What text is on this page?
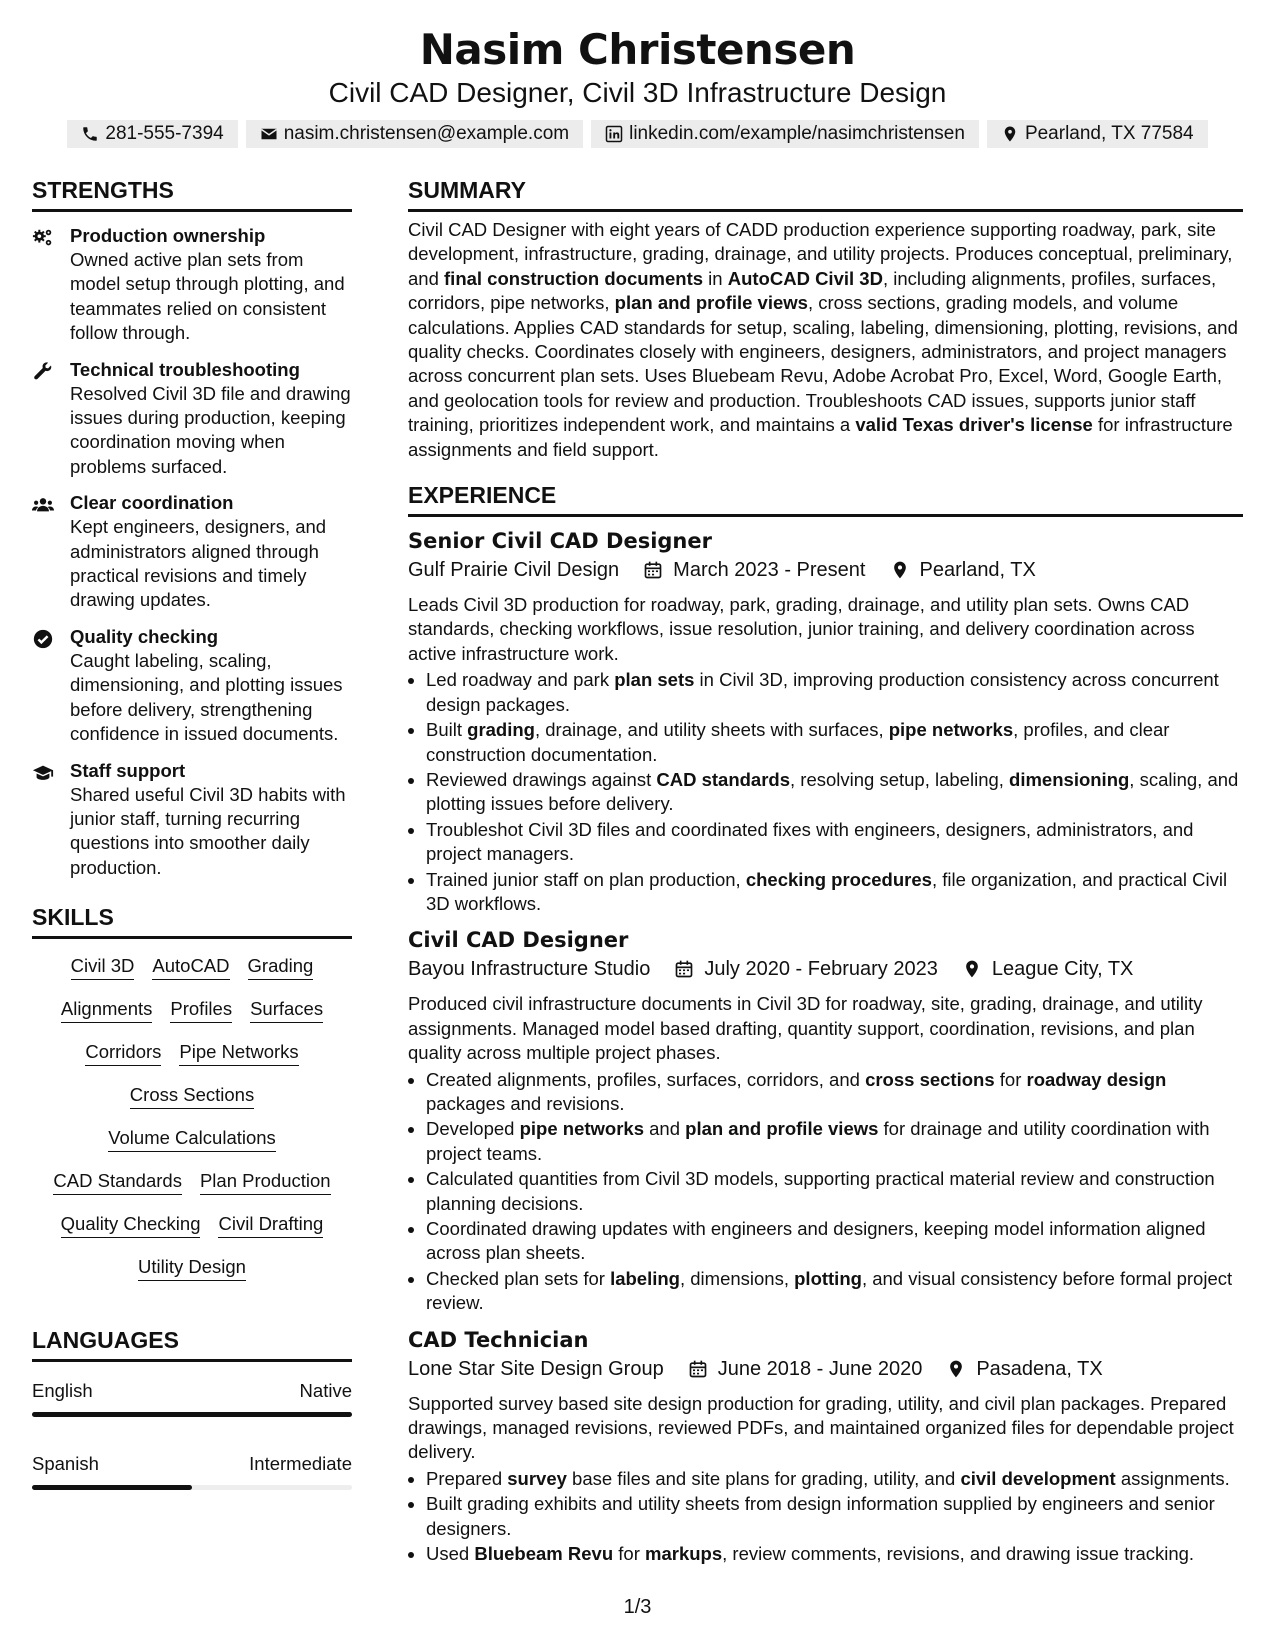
Nasim Christensen
Civil CAD Designer, Civil 3D Infrastructure Design
281-555-7394	nasim.christensen@example.com	linkedin.com/example/nasimchristensen	Pearland, TX 77584
STRENGTHS
Production ownership
Owned active plan sets from model setup through plotting, and teammates relied on consistent follow through.
Technical troubleshooting
Resolved Civil 3D file and drawing issues during production, keeping coordination moving when problems surfaced.
Clear coordination
Kept engineers, designers, and administrators aligned through practical revisions and timely drawing updates.
Quality checking
Caught labeling, scaling, dimensioning, and plotting issues before delivery, strengthening confidence in issued documents.
Staff support
Shared useful Civil 3D habits with junior staff, turning recurring questions into smoother daily production.
SKILLS
Civil 3D AutoCAD Grading
Alignments Profiles Surfaces
Corridors Pipe Networks
Cross Sections
Volume Calculations
CAD Standards Plan Production
Quality Checking Civil Drafting
Utility Design
LANGUAGES
English	Native
Spanish	Intermediate
SUMMARY

Civil CAD Designer with eight years of CADD production experience supporting roadway, park, site development, infrastructure, grading, drainage, and utility projects. Produces conceptual, preliminary, and final construction documents in AutoCAD Civil 3D, including alignments, profiles, surfaces, corridors, pipe networks, plan and profile views, cross sections, grading models, and volume calculations. Applies CAD standards for setup, scaling, labeling, dimensioning, plotting, revisions, and quality checks. Coordinates closely with engineers, designers, administrators, and project managers across concurrent plan sets. Uses Bluebeam Revu, Adobe Acrobat Pro, Excel, Word, Google Earth, and geolocation tools for review and production. Troubleshoots CAD issues, supports junior staff training, prioritizes independent work, and maintains a valid Texas driver's license for infrastructure assignments and field support.

EXPERIENCE
Senior Civil CAD Designer
Gulf Prairie Civil Design	March 2023 - Present	Pearland, TX
Leads Civil 3D production for roadway, park, grading, drainage, and utility plan sets. Owns CAD standards, checking workflows, issue resolution, junior training, and delivery coordination across active infrastructure work.
• Led roadway and park plan sets in Civil 3D, improving production consistency across concurrent design packages.
• Built grading, drainage, and utility sheets with surfaces, pipe networks, profiles, and clear construction documentation.
• Reviewed drawings against CAD standards, resolving setup, labeling, dimensioning, scaling, and plotting issues before delivery.
• Troubleshot Civil 3D files and coordinated fixes with engineers, designers, administrators, and project managers.
• Trained junior staff on plan production, checking procedures, file organization, and practical Civil 3D workflows.
Civil CAD Designer
Bayou Infrastructure Studio	July 2020 - February 2023	League City, TX
Produced civil infrastructure documents in Civil 3D for roadway, site, grading, drainage, and utility assignments. Managed model based drafting, quantity support, coordination, revisions, and plan quality across multiple project phases.
• Created alignments, profiles, surfaces, corridors, and cross sections for roadway design packages and revisions.
• Developed pipe networks and plan and profile views for drainage and utility coordination with project teams.
• Calculated quantities from Civil 3D models, supporting practical material review and construction planning decisions.
• Coordinated drawing updates with engineers and designers, keeping model information aligned across plan sheets.
• Checked plan sets for labeling, dimensions, plotting, and visual consistency before formal project review.
CAD Technician
Lone Star Site Design Group	June 2018 - June 2020	Pasadena, TX
Supported survey based site design production for grading, utility, and civil plan packages. Prepared drawings, managed revisions, reviewed PDFs, and maintained organized files for dependable project delivery.
• Prepared survey base files and site plans for grading, utility, and civil development assignments.
• Built grading exhibits and utility sheets from design information supplied by engineers and senior designers.
• Used Bluebeam Revu for markups, review comments, revisions, and drawing issue tracking.
1/3
